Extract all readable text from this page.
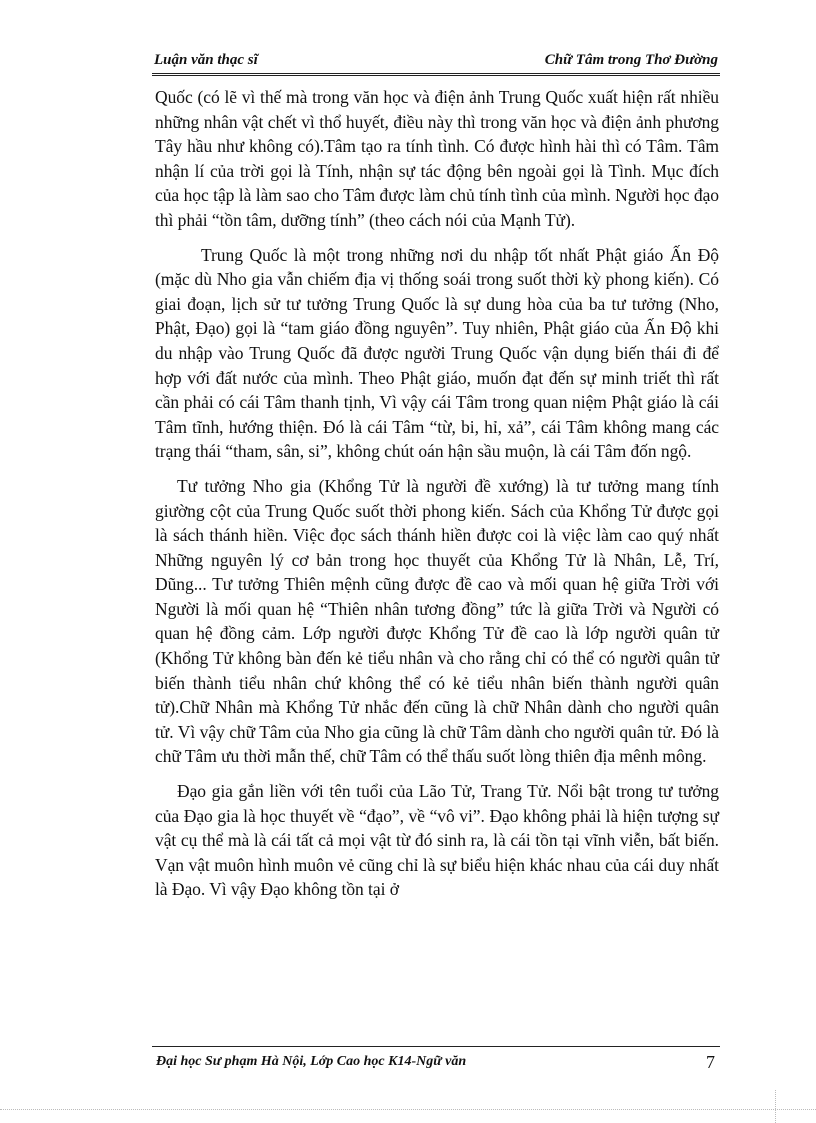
Luận văn thạc sĩ	Chữ Tâm trong Thơ Đường

Quốc (có lẽ vì thế mà trong văn học và điện ảnh Trung Quốc xuất hiện rất nhiều những nhân vật chết vì thổ huyết, điều này thì trong văn học và điện ảnh phương Tây hầu như không có).Tâm tạo ra tính tình. Có được hình hài thì có Tâm. Tâm nhận lí của trời gọi là Tính, nhận sự tác động bên ngoài gọi là Tình. Mục đích của học tập là làm sao cho Tâm được làm chủ tính tình của mình. Người học đạo thì phải “tồn tâm, dưỡng tính” (theo cách nói của Mạnh Tử).

Trung Quốc là một trong những nơi du nhập tốt nhất Phật giáo Ấn Độ (mặc dù Nho gia vẫn chiếm địa vị thống soái trong suốt thời kỳ phong kiến). Có giai đoạn, lịch sử tư tưởng Trung Quốc là sự dung hòa của ba tư tưởng (Nho, Phật, Đạo) gọi là “tam giáo đồng nguyên”. Tuy nhiên, Phật giáo của Ấn Độ khi du nhập vào Trung Quốc đã được người Trung Quốc vận dụng biến thái đi để hợp với đất nước của mình. Theo Phật giáo, muốn đạt đến sự minh triết thì rất cần phải có cái Tâm thanh tịnh, Vì vậy cái Tâm trong quan niệm Phật giáo là cái Tâm tĩnh, hướng thiện. Đó là cái Tâm “từ, bi, hỉ, xả”, cái Tâm không mang các trạng thái “tham, sân, si”, không chút oán hận sầu muộn, là cái Tâm đốn ngộ.

Tư tưởng Nho gia (Khổng Tử là người đề xướng) là tư tưởng mang tính giường cột của Trung Quốc suốt thời phong kiến. Sách của Khổng Tử được gọi là sách thánh hiền. Việc đọc sách thánh hiền được coi là việc làm cao quý nhất Những nguyên lý cơ bản trong học thuyết của Khổng Tử là Nhân, Lễ, Trí, Dũng... Tư tưởng Thiên mệnh cũng được đề cao và mối quan hệ giữa Trời với Người là mối quan hệ “Thiên nhân tương đồng” tức là giữa Trời và Người có quan hệ đồng cảm. Lớp người được Khổng Tử đề cao là lớp người quân tử (Khổng Tử không bàn đến kẻ tiểu nhân và cho rằng chỉ có thể có người quân tử biến thành tiểu nhân chứ không thể có kẻ tiểu nhân biến thành người quân tử).Chữ Nhân mà Khổng Tử nhắc đến cũng là chữ Nhân dành cho người quân tử. Vì vậy chữ Tâm của Nho gia cũng là chữ Tâm dành cho người quân tử. Đó là chữ Tâm ưu thời mẫn thế, chữ Tâm có thể thấu suốt lòng thiên địa mênh mông.

Đạo gia gắn liền với tên tuổi của Lão Tử, Trang Tử. Nổi bật trong tư tưởng của Đạo gia là học thuyết về “đạo”, về “vô vi”. Đạo không phải là hiện tượng sự vật cụ thể mà là cái tất cả mọi vật từ đó sinh ra, là cái tồn tại vĩnh viễn, bất biến. Vạn vật muôn hình muôn vẻ cũng chỉ là sự biểu hiện khác nhau của cái duy nhất là Đạo. Vì vậy Đạo không tồn tại ở

Đại học Sư phạm Hà Nội, Lớp Cao học K14-Ngữ văn	7
